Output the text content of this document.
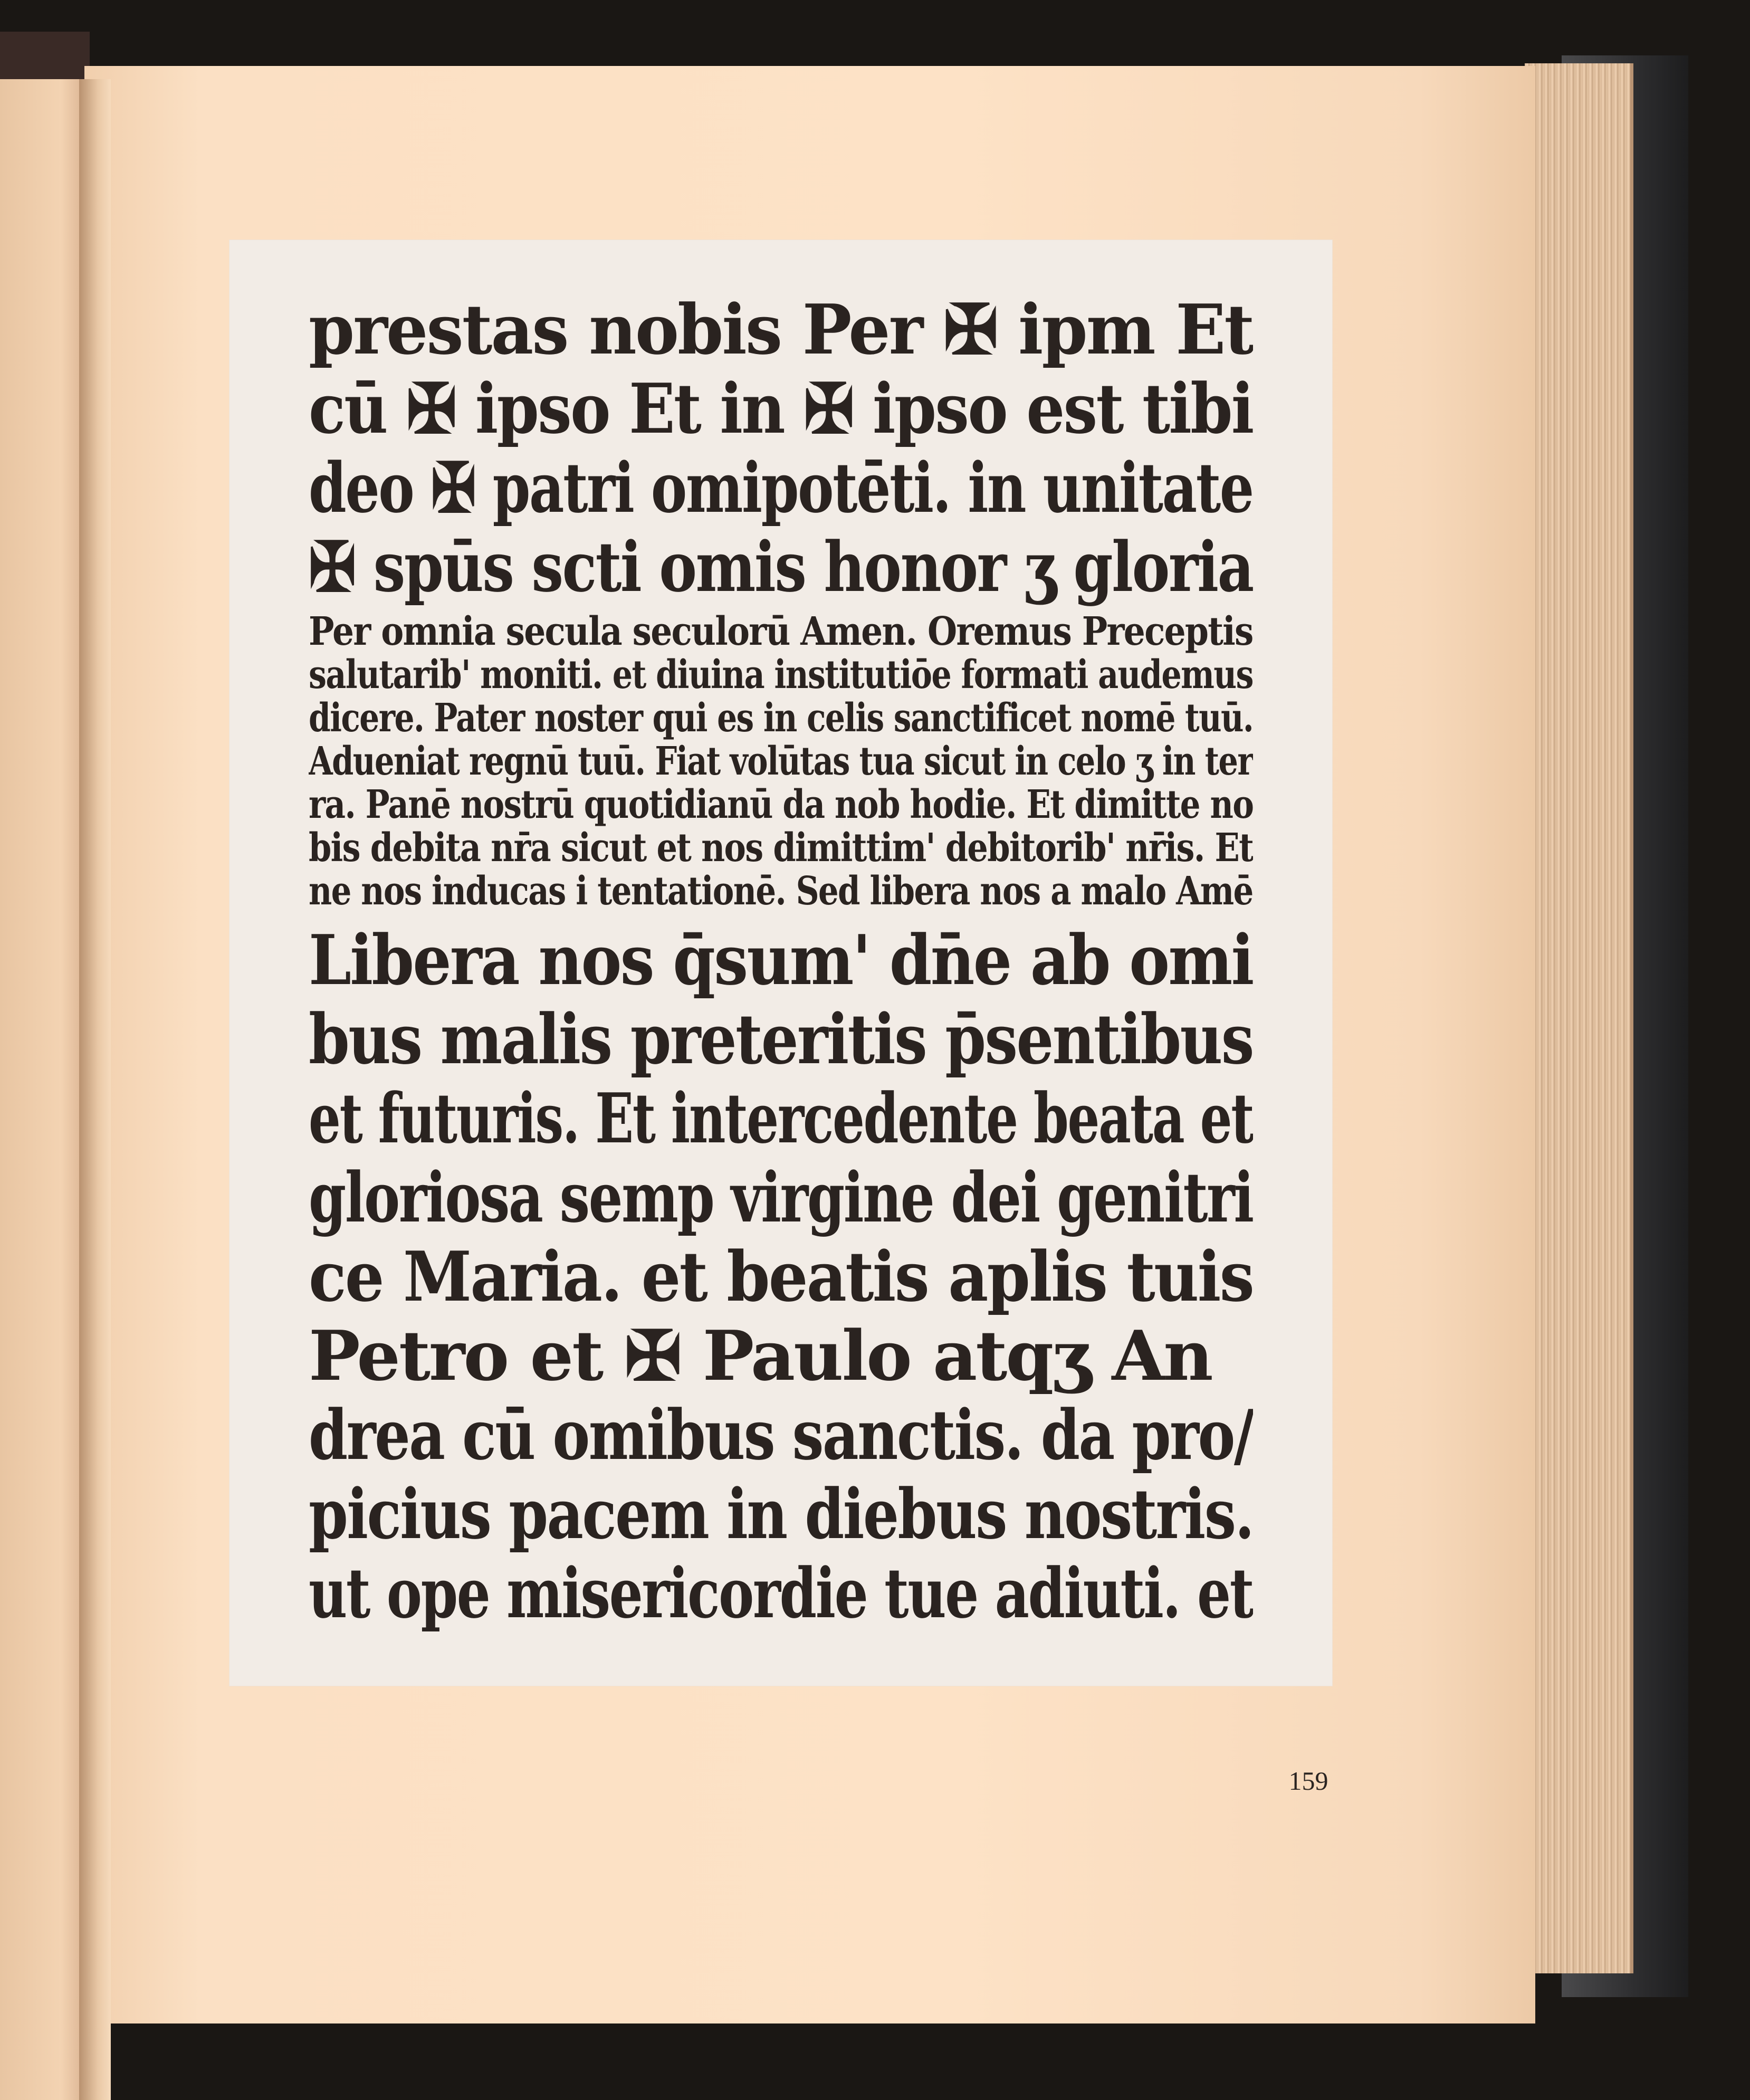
prestas nobis Per ✠ ipm Et
cū ✠ ipso Et in ✠ ipso est tibi
deo ✠ patri omipotēti. in unitate
✠ spūs scti omis honor ʒ gloria
Per omnia secula seculorū Amen. Oremus Preceptis
salutarib' moniti. et diuina institutiōe formati audemus
dicere. Pater noster qui es in celis sanctificet nomē tuū.
Adueniat regnū tuū. Fiat volūtas tua sicut in celo ʒ in ter
ra. Panē nostrū quotidianū da nob hodie. Et dimitte no
bis debita nr̄a sicut et nos dimittim' debitorib' nr̄is. Et
ne nos inducas i tentationē. Sed libera nos a malo Amē
Libera nos q̄sum' dn̄e ab omi
bus malis preteritis p̄sentibus
et futuris. Et intercedente beata et
gloriosa semp virgine dei genitri
ce Maria. et beatis aplis tuis
Petro et ✠ Paulo atqʒ An
drea cū omibus sanctis. da pro/
picius pacem in diebus nostris.
ut ope misericordie tue adiuti. et
159
